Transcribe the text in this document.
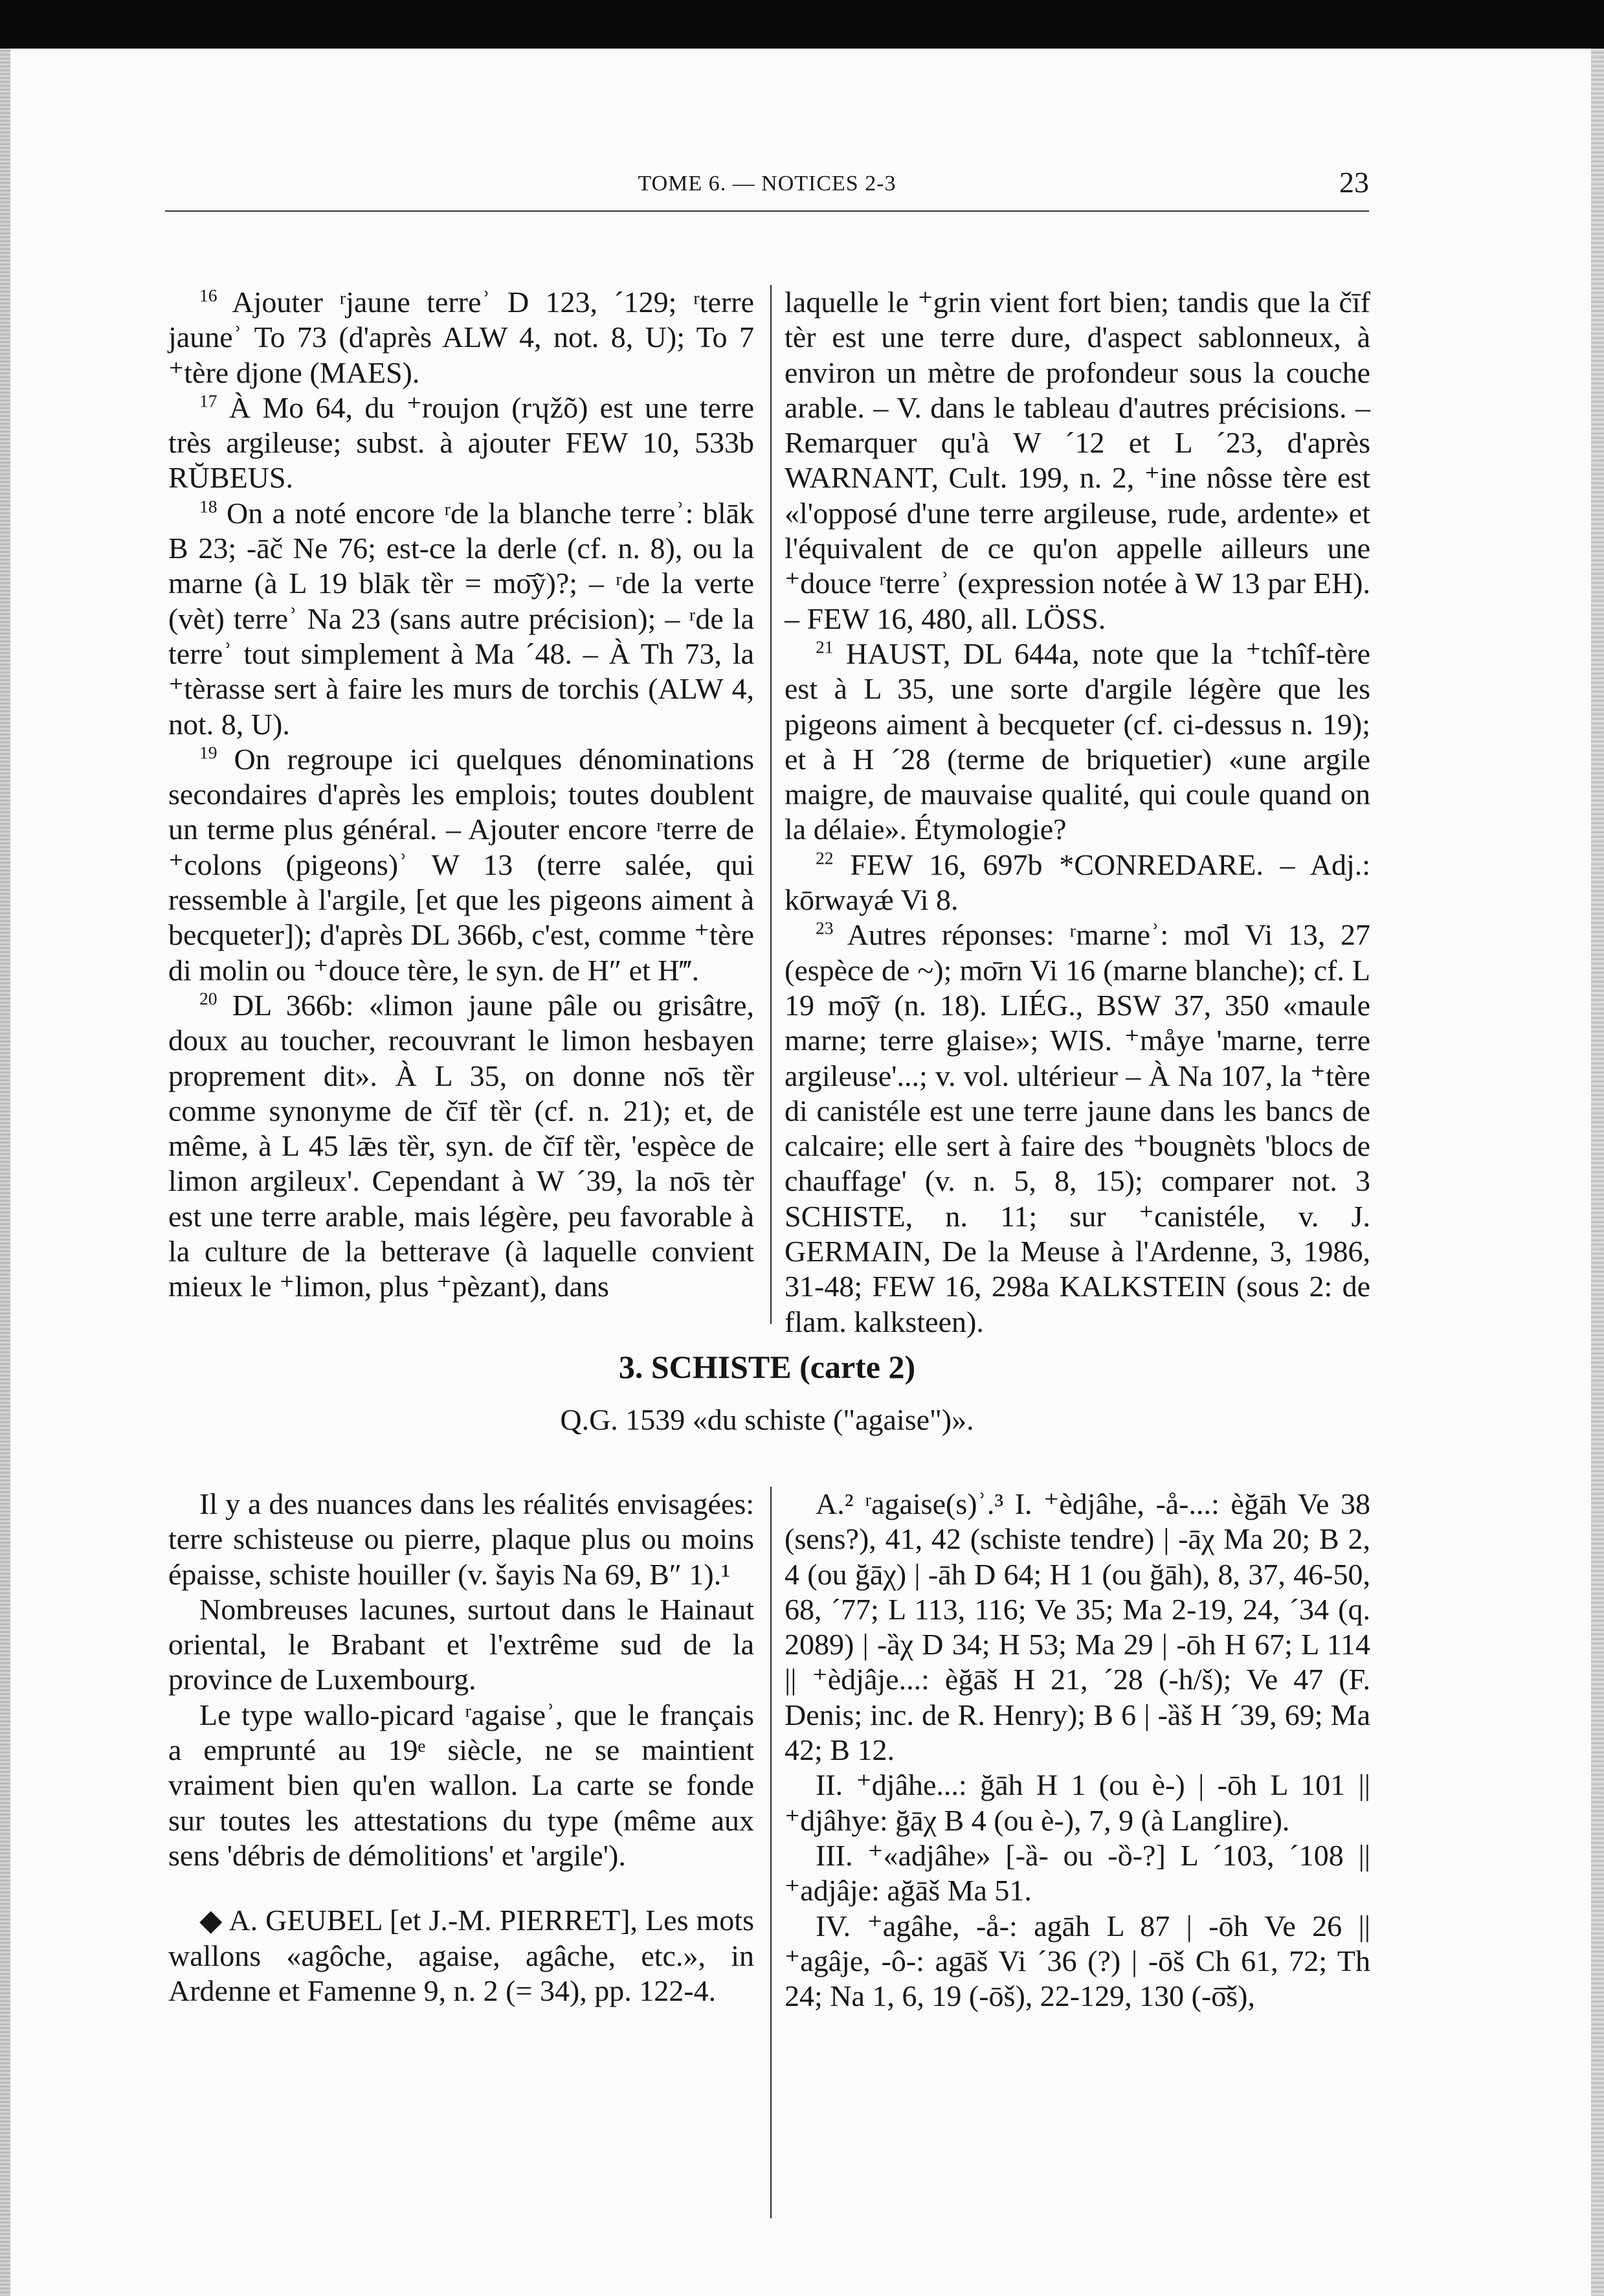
TOME 6. — NOTICES 2-3	23

$^{16}$ Ajouter ʳjaune terreʾ D 123, ´129; ʳterre jauneʾ To 73 (d'après ALW 4, not. 8, U); To 7 ⁺tère djone (MAES).

$^{17}$ À Mo 64, du ⁺roujon (rʮžõ) est une terre très argileuse; subst. à ajouter FEW 10, 533b RŬBEUS.

$^{18}$ On a noté encore ʳde la blanche terreʾ: blāk B 23; -āč Ne 76; est-ce la derle (cf. n. 8), ou la marne (à L 19 blāk tȅr = mо̄ỹ)?; – ʳde la verte (vèt) terreʾ Na 23 (sans autre précision); – ʳde la terreʾ tout simplement à Ma ´48. – À Th 73, la ⁺tèrasse sert à faire les murs de torchis (ALW 4, not. 8, U).

$^{19}$ On regroupe ici quelques dénominations secondaires d'après les emplois; toutes doublent un terme plus général. – Ajouter encore ʳterre de ⁺colons (pigeons)ʾ W 13 (terre salée, qui ressemble à l'argile, [et que les pigeons aiment à becqueter]); d'après DL 366b, c'est, comme ⁺tère di molin ou ⁺douce tère, le syn. de H″ et H‴.

$^{20}$ DL 366b: «limon jaune pâle ou grisâtre, doux au toucher, recouvrant le limon hesbayen proprement dit». À L 35, on donne nо̄s tȅr comme synonyme de čīf tȅr (cf. n. 21); et, de même, à L 45 lǣs tȅr, syn. de čīf tȅr, 'espèce de limon argileux'. Cependant à W ´39, la nо̄s tèr est une terre arable, mais légère, peu favorable à la culture de la betterave (à laquelle convient mieux le ⁺limon, plus ⁺pèzant), dans

laquelle le ⁺grin vient fort bien; tandis que la čīf tèr est une terre dure, d'aspect sablonneux, à environ un mètre de profondeur sous la couche arable. – V. dans le tableau d'autres précisions. – Remarquer qu'à W ´12 et L ´23, d'après WARNANT, Cult. 199, n. 2, ⁺ine nôsse tère est «l'opposé d'une terre argileuse, rude, ardente» et l'équivalent de ce qu'on appelle ailleurs une ⁺douce ʳterreʾ (expression notée à W 13 par EH). – FEW 16, 480, all. LÖSS.

$^{21}$ HAUST, DL 644a, note que la ⁺tchîf-tère est à L 35, une sorte d'argile légère que les pigeons aiment à becqueter (cf. ci-dessus n. 19); et à H ´28 (terme de briquetier) «une argile maigre, de mauvaise qualité, qui coule quand on la délaie». Étymologie?

$^{22}$ FEW 16, 697b *CONREDARE. – Adj.: kōrwayǽ Vi 8.

$^{23}$ Autres réponses: ʳmarneʾ: mо̄l Vi 13, 27 (espèce de ~); mо̄rn Vi 16 (marne blanche); cf. L 19 mо̄ỹ (n. 18). LIÉG., BSW 37, 350 «maule marne; terre glaise»; WIS. ⁺måye 'marne, terre argileuse'...; v. vol. ultérieur – À Na 107, la ⁺tère di canistéle est une terre jaune dans les bancs de calcaire; elle sert à faire des ⁺bougnèts 'blocs de chauffage' (v. n. 5, 8, 15); comparer not. 3 SCHISTE, n. 11; sur ⁺canistéle, v. J. GERMAIN, De la Meuse à l'Ardenne, 3, 1986, 31-48; FEW 16, 298a KALKSTEIN (sous 2: de flam. kalksteen).

3. SCHISTE (carte 2)
Q.G. 1539 «du schiste ("agaise")».

Il y a des nuances dans les réalités envisagées: terre schisteuse ou pierre, plaque plus ou moins épaisse, schiste houiller (v. šayis Na 69, B″ 1).¹

Nombreuses lacunes, surtout dans le Hainaut oriental, le Brabant et l'extrême sud de la province de Luxembourg.

Le type wallo-picard ʳagaiseʾ, que le français a emprunté au 19ᵉ siècle, ne se maintient vraiment bien qu'en wallon. La carte se fonde sur toutes les attestations du type (même aux sens 'débris de démolitions' et 'argile').

◆ A. GEUBEL [et J.-M. PIERRET], Les mots wallons «agôche, agaise, agâche, etc.», in Ardenne et Famenne 9, n. 2 (= 34), pp. 122-4.

A.² ʳagaise(s)ʾ.³ I. ⁺èdjâhe, -å-...: èğāh Ve 38 (sens?), 41, 42 (schiste tendre) | -āχ Ma 20; B 2, 4 (ou ğāχ) | -āh D 64; H 1 (ou ğāh), 8, 37, 46-50, 68, ´77; L 113, 116; Ve 35; Ma 2-19, 24, ´34 (q. 2089) | -ȁχ D 34; H 53; Ma 29 | -ōh H 67; L 114 || ⁺èdjâje...: èğāš H 21, ´28 (-h/š); Ve 47 (F. Denis; inc. de R. Henry); B 6 | -ȁš H ´39, 69; Ma 42; B 12.

II. ⁺djâhe...: ğāh H 1 (ou è-) | -ōh L 101 || ⁺djâhye: ğāχ B 4 (ou è-), 7, 9 (à Langlire).

III. ⁺«adjâhe» [-ȁ- ou -ȍ-?] L ´103, ´108 || ⁺adjâje: ağāš Ma 51.

IV. ⁺agâhe, -å-: agāh L 87 | -ōh Ve 26 || ⁺agâje, -ô-: agāš Vi ´36 (?) | -ōš Ch 61, 72; Th 24; Na 1, 6, 19 (-ōš), 22-129, 130 (-ō̄š),
